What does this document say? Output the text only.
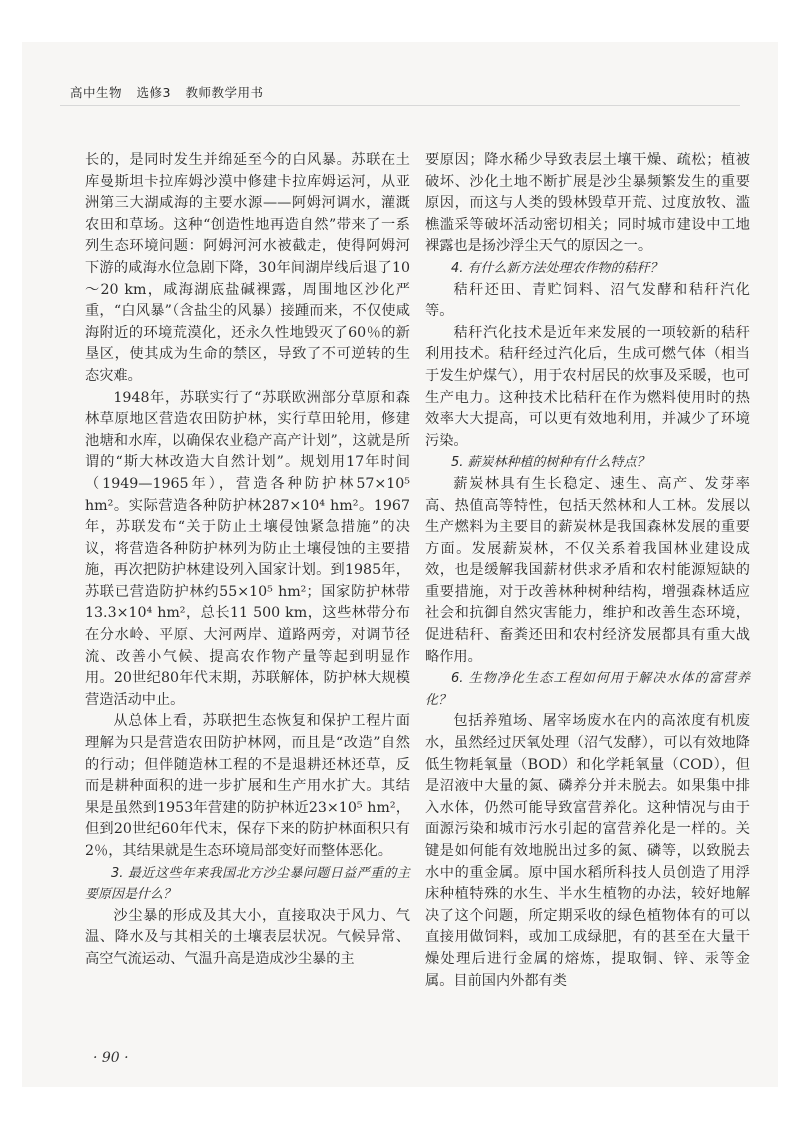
高中生物 选修3 教师教学用书

长的，是同时发生并绵延至今的白风暴。苏联在土库曼斯坦卡拉库姆沙漠中修建卡拉库姆运河，从亚洲第三大湖咸海的主要水源——阿姆河调水，灌溉农田和草场。这种“创造性地再造自然”带来了一系列生态环境问题：阿姆河河水被截走，使得阿姆河下游的咸海水位急剧下降，30年间湖岸线后退了10～20 km，咸海湖底盐碱裸露，周围地区沙化严重，“白风暴”（含盐尘的风暴）接踵而来，不仅使咸海附近的环境荒漠化，还永久性地毁灭了60％的新垦区，使其成为生命的禁区，导致了不可逆转的生态灾难。

1948年，苏联实行了“苏联欧洲部分草原和森林草原地区营造农田防护林，实行草田轮用，修建池塘和水库，以确保农业稳产高产计划”，这就是所谓的“斯大林改造大自然计划”。规划用17年时间（1949—1965年），营造各种防护林57×10⁵ hm²。实际营造各种防护林287×10⁴ hm²。1967年，苏联发布“关于防止土壤侵蚀紧急措施”的决议，将营造各种防护林列为防止土壤侵蚀的主要措施，再次把防护林建设列入国家计划。到1985年，苏联已营造防护林约55×10⁵ hm²；国家防护林带13.3×10⁴ hm²，总长11 500 km，这些林带分布在分水岭、平原、大河两岸、道路两旁，对调节径流、改善小气候、提高农作物产量等起到明显作用。20世纪80年代末期，苏联解体，防护林大规模营造活动中止。

从总体上看，苏联把生态恢复和保护工程片面理解为只是营造农田防护林网，而且是“改造”自然的行动；但伴随造林工程的不是退耕还林还草，反而是耕种面积的进一步扩展和生产用水扩大。其结果是虽然到1953年营建的防护林近23×10⁵ hm²，但到20世纪60年代末，保存下来的防护林面积只有2％，其结果就是生态环境局部变好而整体恶化。

3. 最近这些年来我国北方沙尘暴问题日益严重的主要原因是什么？

沙尘暴的形成及其大小，直接取决于风力、气温、降水及与其相关的土壤表层状况。气候异常、高空气流运动、气温升高是造成沙尘暴的主

要原因；降水稀少导致表层土壤干燥、疏松；植被破坏、沙化土地不断扩展是沙尘暴频繁发生的重要原因，而这与人类的毁林毁草开荒、过度放牧、滥樵滥采等破坏活动密切相关；同时城市建设中工地裸露也是扬沙浮尘天气的原因之一。

4. 有什么新方法处理农作物的秸秆？

秸秆还田、青贮饲料、沼气发酵和秸秆汽化等。

秸秆汽化技术是近年来发展的一项较新的秸秆利用技术。秸秆经过汽化后，生成可燃气体（相当于发生炉煤气），用于农村居民的炊事及采暖，也可生产电力。这种技术比秸秆在作为燃料使用时的热效率大大提高，可以更有效地利用，并减少了环境污染。

5. 薪炭林种植的树种有什么特点？

薪炭林具有生长稳定、速生、高产、发芽率高、热值高等特性，包括天然林和人工林。发展以生产燃料为主要目的薪炭林是我国森林发展的重要方面。发展薪炭林，不仅关系着我国林业建设成效，也是缓解我国薪材供求矛盾和农村能源短缺的重要措施，对于改善林种树种结构，增强森林适应社会和抗御自然灾害能力，维护和改善生态环境，促进秸秆、畜粪还田和农村经济发展都具有重大战略作用。

6. 生物净化生态工程如何用于解决水体的富营养化？

包括养殖场、屠宰场废水在内的高浓度有机废水，虽然经过厌氧处理（沼气发酵），可以有效地降低生物耗氧量（BOD）和化学耗氧量（COD），但是沼液中大量的氮、磷养分并未脱去。如果集中排入水体，仍然可能导致富营养化。这种情况与由于面源污染和城市污水引起的富营养化是一样的。关键是如何能有效地脱出过多的氮、磷等，以致脱去水中的重金属。原中国水稻所科技人员创造了用浮床种植特殊的水生、半水生植物的办法，较好地解决了这个问题，所定期采收的绿色植物体有的可以直接用做饲料，或加工成绿肥，有的甚至在大量干燥处理后进行金属的熔炼，提取铜、锌、汞等金属。目前国内外都有类

· 90 ·
